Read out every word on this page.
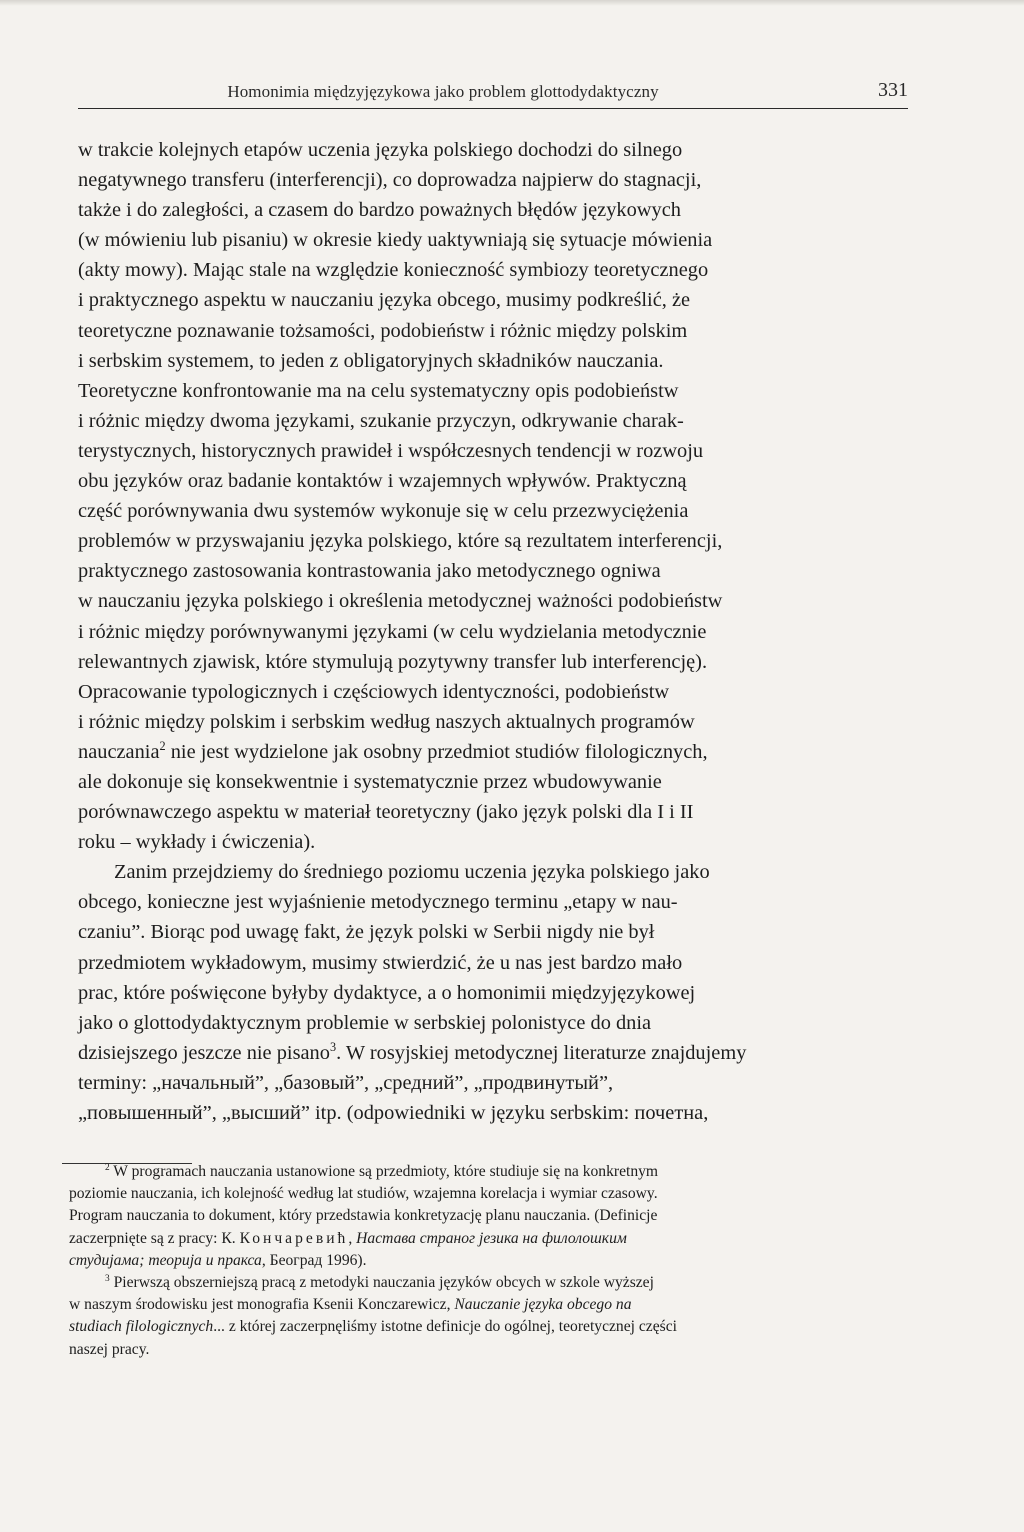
Homonimia międzyjęzykowa jako problem glottodydaktyczny	331
w trakcie kolejnych etapów uczenia języka polskiego dochodzi do silnego
negatywnego transferu (interferencji), co doprowadza najpierw do stagnacji,
także i do zaległości, a czasem do bardzo poważnych błędów językowych
(w mówieniu lub pisaniu) w okresie kiedy uaktywniają się sytuacje mówienia
(akty mowy). Mając stale na względzie konieczność symbiozy teoretycznego
i praktycznego aspektu w nauczaniu języka obcego, musimy podkreślić, że
teoretyczne poznawanie tożsamości, podobieństw i różnic między polskim
i serbskim systemem, to jeden z obligatoryjnych składników nauczania.
Teoretyczne konfrontowanie ma na celu systematyczny opis podobieństw
i różnic między dwoma językami, szukanie przyczyn, odkrywanie charak-
terystycznych, historycznych prawideł i współczesnych tendencji w rozwoju
obu języków oraz badanie kontaktów i wzajemnych wpływów. Praktyczną
część porównywania dwu systemów wykonuje się w celu przezwyciężenia
problemów w przyswajaniu języka polskiego, które są rezultatem interferencji,
praktycznego zastosowania kontrastowania jako metodycznego ogniwa
w nauczaniu języka polskiego i określenia metodycznej ważności podobieństw
i różnic między porównywanymi językami (w celu wydzielania metodycznie
relewantnych zjawisk, które stymulują pozytywny transfer lub interferencję).
Opracowanie typologicznych i częściowych identyczności, podobieństw
i różnic między polskim i serbskim według naszych aktualnych programów
nauczania$^2$ nie jest wydzielone jak osobny przedmiot studiów filologicznych,
ale dokonuje się konsekwentnie i systematycznie przez wbudowywanie
porównawczego aspektu w materiał teoretyczny (jako język polski dla I i II
roku – wykłady i ćwiczenia).
Zanim przejdziemy do średniego poziomu uczenia języka polskiego jako
obcego, konieczne jest wyjaśnienie metodycznego terminu „etapy w nau-
czaniu”. Biorąc pod uwagę fakt, że język polski w Serbii nigdy nie był
przedmiotem wykładowym, musimy stwierdzić, że u nas jest bardzo mało
prac, które poświęcone byłyby dydaktyce, a o homonimii międzyjęzykowej
jako o glottodydaktycznym problemie w serbskiej polonistyce do dnia
dzisiejszego jeszcze nie pisano$^3$. W rosyjskiej metodycznej literaturze znajdujemy
terminy: „начальный”, „базовый”, „средний”, „продвинутый”,
„повышенный”, „высший” itp. (odpowiedniki w języku serbskim: почетна,
$^2$ W programach nauczania ustanowione są przedmioty, które studiuje się na konkretnym
poziomie nauczania, ich kolejność według lat studiów, wzajemna korelacja i wymiar czasowy.
Program nauczania to dokument, który przedstawia konkretyzację planu nauczania. (Definicje
zaczerpnięte są z pracy: К. Кончаревић, Настава страног језика на филолошким
студијама; теорија и пракса, Београд 1996).
$^3$ Pierwszą obszerniejszą pracą z metodyki nauczania języków obcych w szkole wyższej
w naszym środowisku jest monografia Ksenii Konczarewicz, Nauczanie języka obcego na
studiach filologicznych... z której zaczerpnęliśmy istotne definicje do ogólnej, teoretycznej części
naszej pracy.
